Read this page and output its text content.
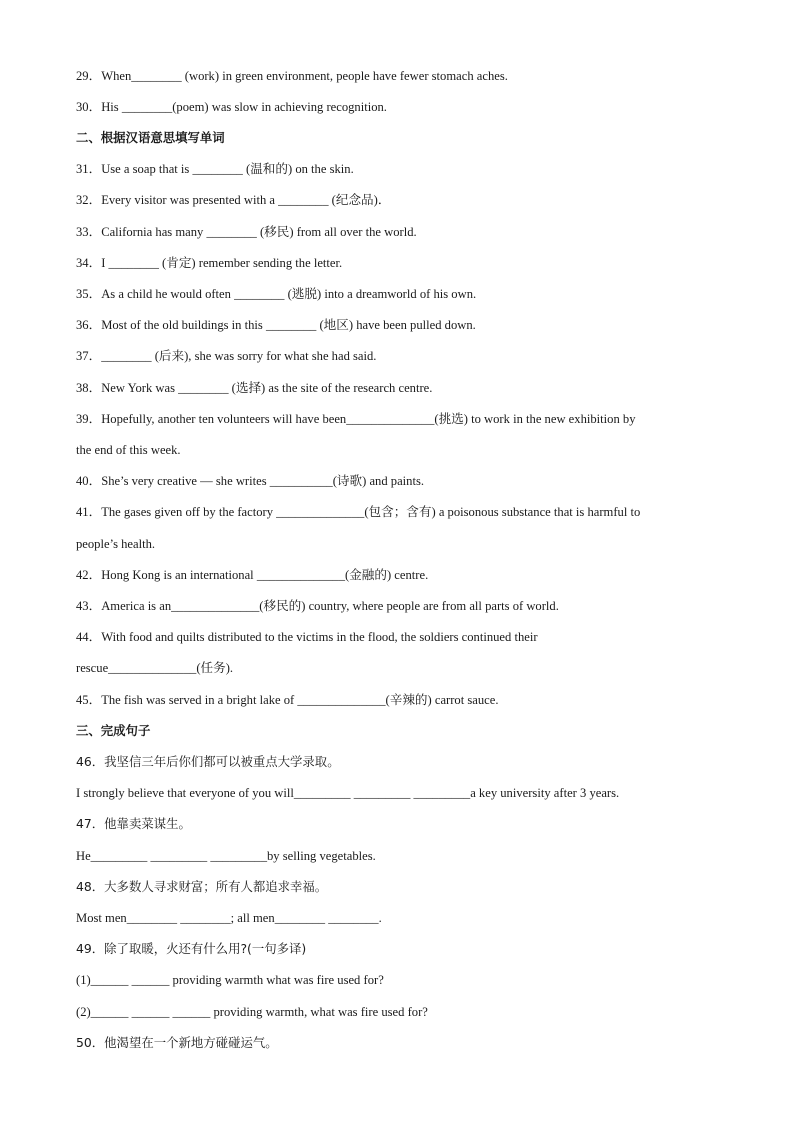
29．When________ (work) in green environment, people have fewer stomach aches.
30．His ________(poem) was slow in achieving recognition.
二、根据汉语意思填写单词
31．Use a soap that is ________ (温和的) on the skin.
32．Every visitor was presented with a ________ (纪念品)．
33．California has many ________ (移民) from all over the world.
34．I ________ (肯定) remember sending the letter.
35．As a child he would often ________ (逃脱) into a dreamworld of his own.
36．Most of the old buildings in this ________ (地区) have been pulled down.
37．________ (后来), she was sorry for what she had said.
38．New York was ________ (选择) as the site of the research centre.
39．Hopefully, another ten volunteers will have been______________(挑选) to work in the new exhibition by
the end of this week.
40．She’s very creative — she writes __________(诗歌) and paints.
41．The gases given off by the factory ______________(包含；含有) a poisonous substance that is harmful to
people’s health.
42．Hong Kong is an international ______________(金融的) centre.
43．America is an______________(移民的) country, where people are from all parts of world.
44．With food and quilts distributed to the victims in the flood, the soldiers continued their
rescue______________(任务).
45．The fish was served in a bright lake of ______________(辛辣的) carrot sauce.
三、完成句子
46．我坚信三年后你们都可以被重点大学录取。
I strongly believe that everyone of you will_________ _________ _________a key university after 3 years.
47．他靠卖菜谋生。
He_________ _________ _________by selling vegetables.
48．大多数人寻求财富；所有人都追求幸福。
Most men________ ________; all men________ ________.
49．除了取暖，火还有什么用?(一句多译)
(1)______ ______ providing warmth what was fire used for?
(2)______ ______ ______ providing warmth, what was fire used for?
50．他渴望在一个新地方碰碰运气。
